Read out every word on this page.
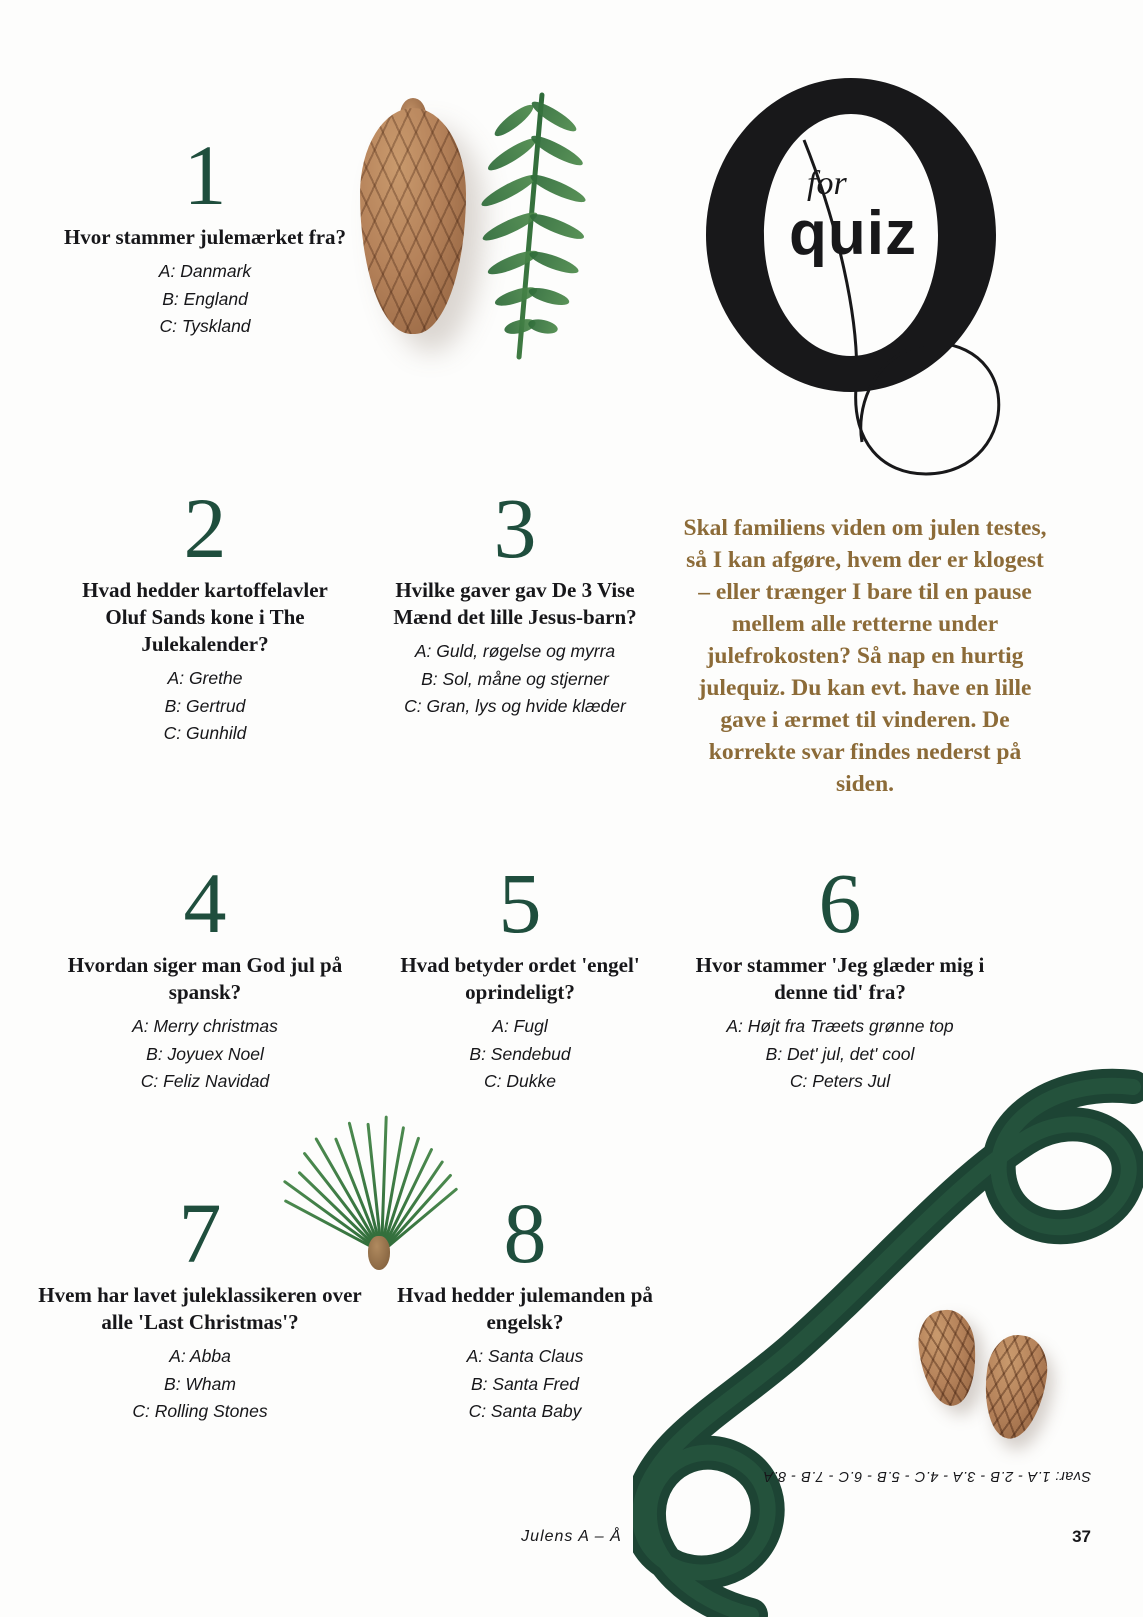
for
quiz
Skal familiens viden om julen testes, så I kan afgøre, hvem der er klogest – eller trænger I bare til en pause mellem alle retterne under julefrokosten? Så nap en hurtig julequiz. Du kan evt. have en lille gave i ærmet til vinderen. De korrekte svar findes nederst på siden.
1
Hvor stammer julemærket fra?
A: Danmark
B: England
C: Tyskland
2
Hvad hedder kartoffelavler Oluf Sands kone i The Julekalender?
A: Grethe
B: Gertrud
C: Gunhild
3
Hvilke gaver gav De 3 Vise Mænd det lille Jesus-barn?
A: Guld, røgelse og myrra
B: Sol, måne og stjerner
C: Gran, lys og hvide klæder
4
Hvordan siger man God jul på spansk?
A: Merry christmas
B: Joyuex Noel
C: Feliz Navidad
5
Hvad betyder ordet 'engel' oprindeligt?
A: Fugl
B: Sendebud
C: Dukke
6
Hvor stammer 'Jeg glæder mig i denne tid' fra?
A: Højt fra Træets grønne top
B: Det' jul, det' cool
C: Peters Jul
7
Hvem har lavet juleklassikeren over alle 'Last Christmas'?
A: Abba
B: Wham
C: Rolling Stones
8
Hvad hedder julemanden på engelsk?
A: Santa Claus
B: Santa Fred
C: Santa Baby
Svar: 1.A - 2.B - 3.A - 4.C - 5.B - 6.C - 7.B - 8.A
Julens A – Å	37
